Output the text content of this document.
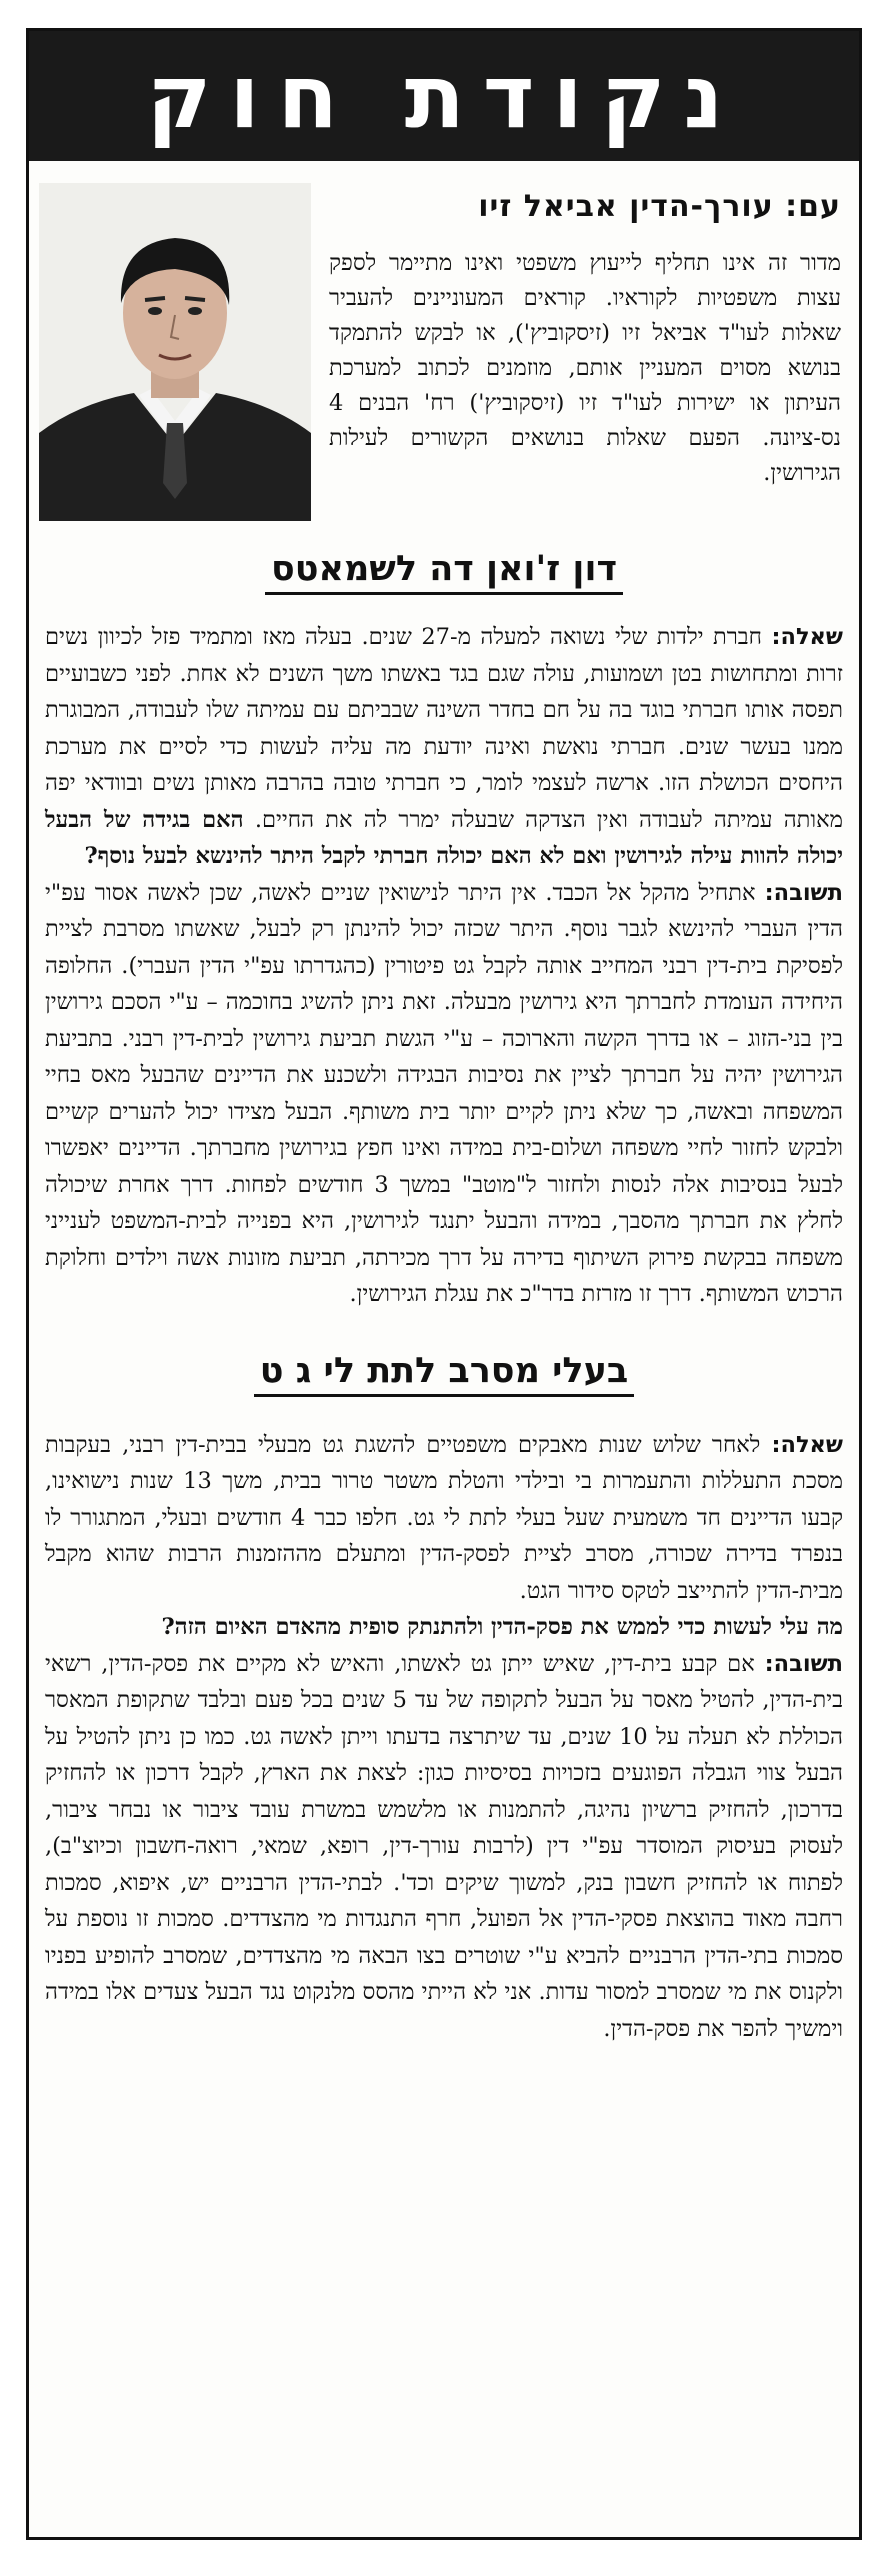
נקודת חוק
עם: עורך-הדין אביאל זיו

מדור זה אינו תחליף לייעוץ משפטי ואינו מתיימר לספק עצות משפטיות לקוראיו. קוראים המעוניינים להעביר שאלות לעו"ד אביאל זיו (זיסקוביץ'), או לבקש להתמקד בנושא מסוים המעניין אותם, מוזמנים לכתוב למערכת העיתון או ישירות לעו"ד זיו (זיסקוביץ') רח' הבנים 4 נס-ציונה. הפעם שאלות בנושאים הקשורים לעילות הגירושין.

דון ז'ואן דה לשמאטס

שאלה: חברת ילדות שלי נשואה למעלה מ-27 שנים. בעלה מאז ומתמיד פזל לכיוון נשים זרות ומתחושות בטן ושמועות, עולה שגם בגד באשתו משך השנים לא אחת. לפני כשבועיים תפסה אותו חברתי בוגד בה על חם בחדר השינה שבביתם עם עמיתה שלו לעבודה, המבוגרת ממנו בעשר שנים. חברתי נואשת ואינה יודעת מה עליה לעשות כדי לסיים את מערכת היחסים הכושלת הזו. ארשה לעצמי לומר, כי חברתי טובה בהרבה מאותן נשים ובוודאי יפה מאותה עמיתה לעבודה ואין הצדקה שבעלה ימרר לה את החיים. האם בגידה של הבעל יכולה להוות עילה לגירושין ואם לא האם יכולה חברתי לקבל היתר להינשא לבעל נוסף?

תשובה: אתחיל מהקל אל הכבד. אין היתר לנישואין שניים לאשה, שכן לאשה אסור עפ"י הדין העברי להינשא לגבר נוסף. היתר שכזה יכול להינתן רק לבעל, שאשתו מסרבת לציית לפסיקת בית-דין רבני המחייב אותה לקבל גט פיטורין (כהגדרתו עפ"י הדין העברי). החלופה היחידה העומדת לחברתך היא גירושין מבעלה. זאת ניתן להשיג בחוכמה – ע"י הסכם גירושין בין בני-הזוג – או בדרך הקשה והארוכה – ע"י הגשת תביעת גירושין לבית-דין רבני. בתביעת הגירושין יהיה על חברתך לציין את נסיבות הבגידה ולשכנע את הדיינים שהבעל מאס בחיי המשפחה ובאשה, כך שלא ניתן לקיים יותר בית משותף. הבעל מצידו יכול להערים קשיים ולבקש לחזור לחיי משפחה ושלום-בית במידה ואינו חפץ בגירושין מחברתך. הדיינים יאפשרו לבעל בנסיבות אלה לנסות ולחזור ל"מוטב" במשך 3 חודשים לפחות. דרך אחרת שיכולה לחלץ את חברתך מהסבך, במידה והבעל יתנגד לגירושין, היא בפנייה לבית-המשפט לענייני משפחה בבקשת פירוק השיתוף בדירה על דרך מכירתה, תביעת מזונות אשה וילדים וחלוקת הרכוש המשותף. דרך זו מזרזת בדר"כ את עגלת הגירושין.

בעלי מסרב לתת לי ג ט

שאלה: לאחר שלוש שנות מאבקים משפטיים להשגת גט מבעלי בבית-דין רבני, בעקבות מסכת התעללות והתעמרות בי ובילדי והטלת משטר טרור בבית, משך 13 שנות נישואינו, קבעו הדיינים חד משמעית שעל בעלי לתת לי גט. חלפו כבר 4 חודשים ובעלי, המתגורר לו בנפרד בדירה שכורה, מסרב לציית לפסק-הדין ומתעלם מההזמנות הרבות שהוא מקבל מבית-הדין להתייצב לטקס סידור הגט.

מה עלי לעשות כדי לממש את פסק-הדין ולהתנתק סופית מהאדם האיום הזה?

תשובה: אם קבע בית-דין, שאיש ייתן גט לאשתו, והאיש לא מקיים את פסק-הדין, רשאי בית-הדין, להטיל מאסר על הבעל לתקופה של עד 5 שנים בכל פעם ובלבד שתקופת המאסר הכוללת לא תעלה על 10 שנים, עד שיתרצה בדעתו וייתן לאשה גט. כמו כן ניתן להטיל על הבעל צווי הגבלה הפוגעים בזכויות בסיסיות כגון: לצאת את הארץ, לקבל דרכון או להחזיק בדרכון, להחזיק ברשיון נהיגה, להתמנות או מלשמש במשרת עובד ציבור או נבחר ציבור, לעסוק בעיסוק המוסדר עפ"י דין (לרבות עורך-דין, רופא, שמאי, רואה-חשבון וכיוצ"ב), לפתוח או להחזיק חשבון בנק, למשוך שיקים וכד'. לבתי-הדין הרבניים יש, איפוא, סמכות רחבה מאוד בהוצאת פסקי-הדין אל הפועל, חרף התנגדות מי מהצדדים. סמכות זו נוספת על סמכות בתי-הדין הרבניים להביא ע"י שוטרים בצו הבאה מי מהצדדים, שמסרב להופיע בפניו ולקנוס את מי שמסרב למסור עדות. אני לא הייתי מהסס מלנקוט נגד הבעל צעדים אלו במידה וימשיך להפר את פסק-הדין.
